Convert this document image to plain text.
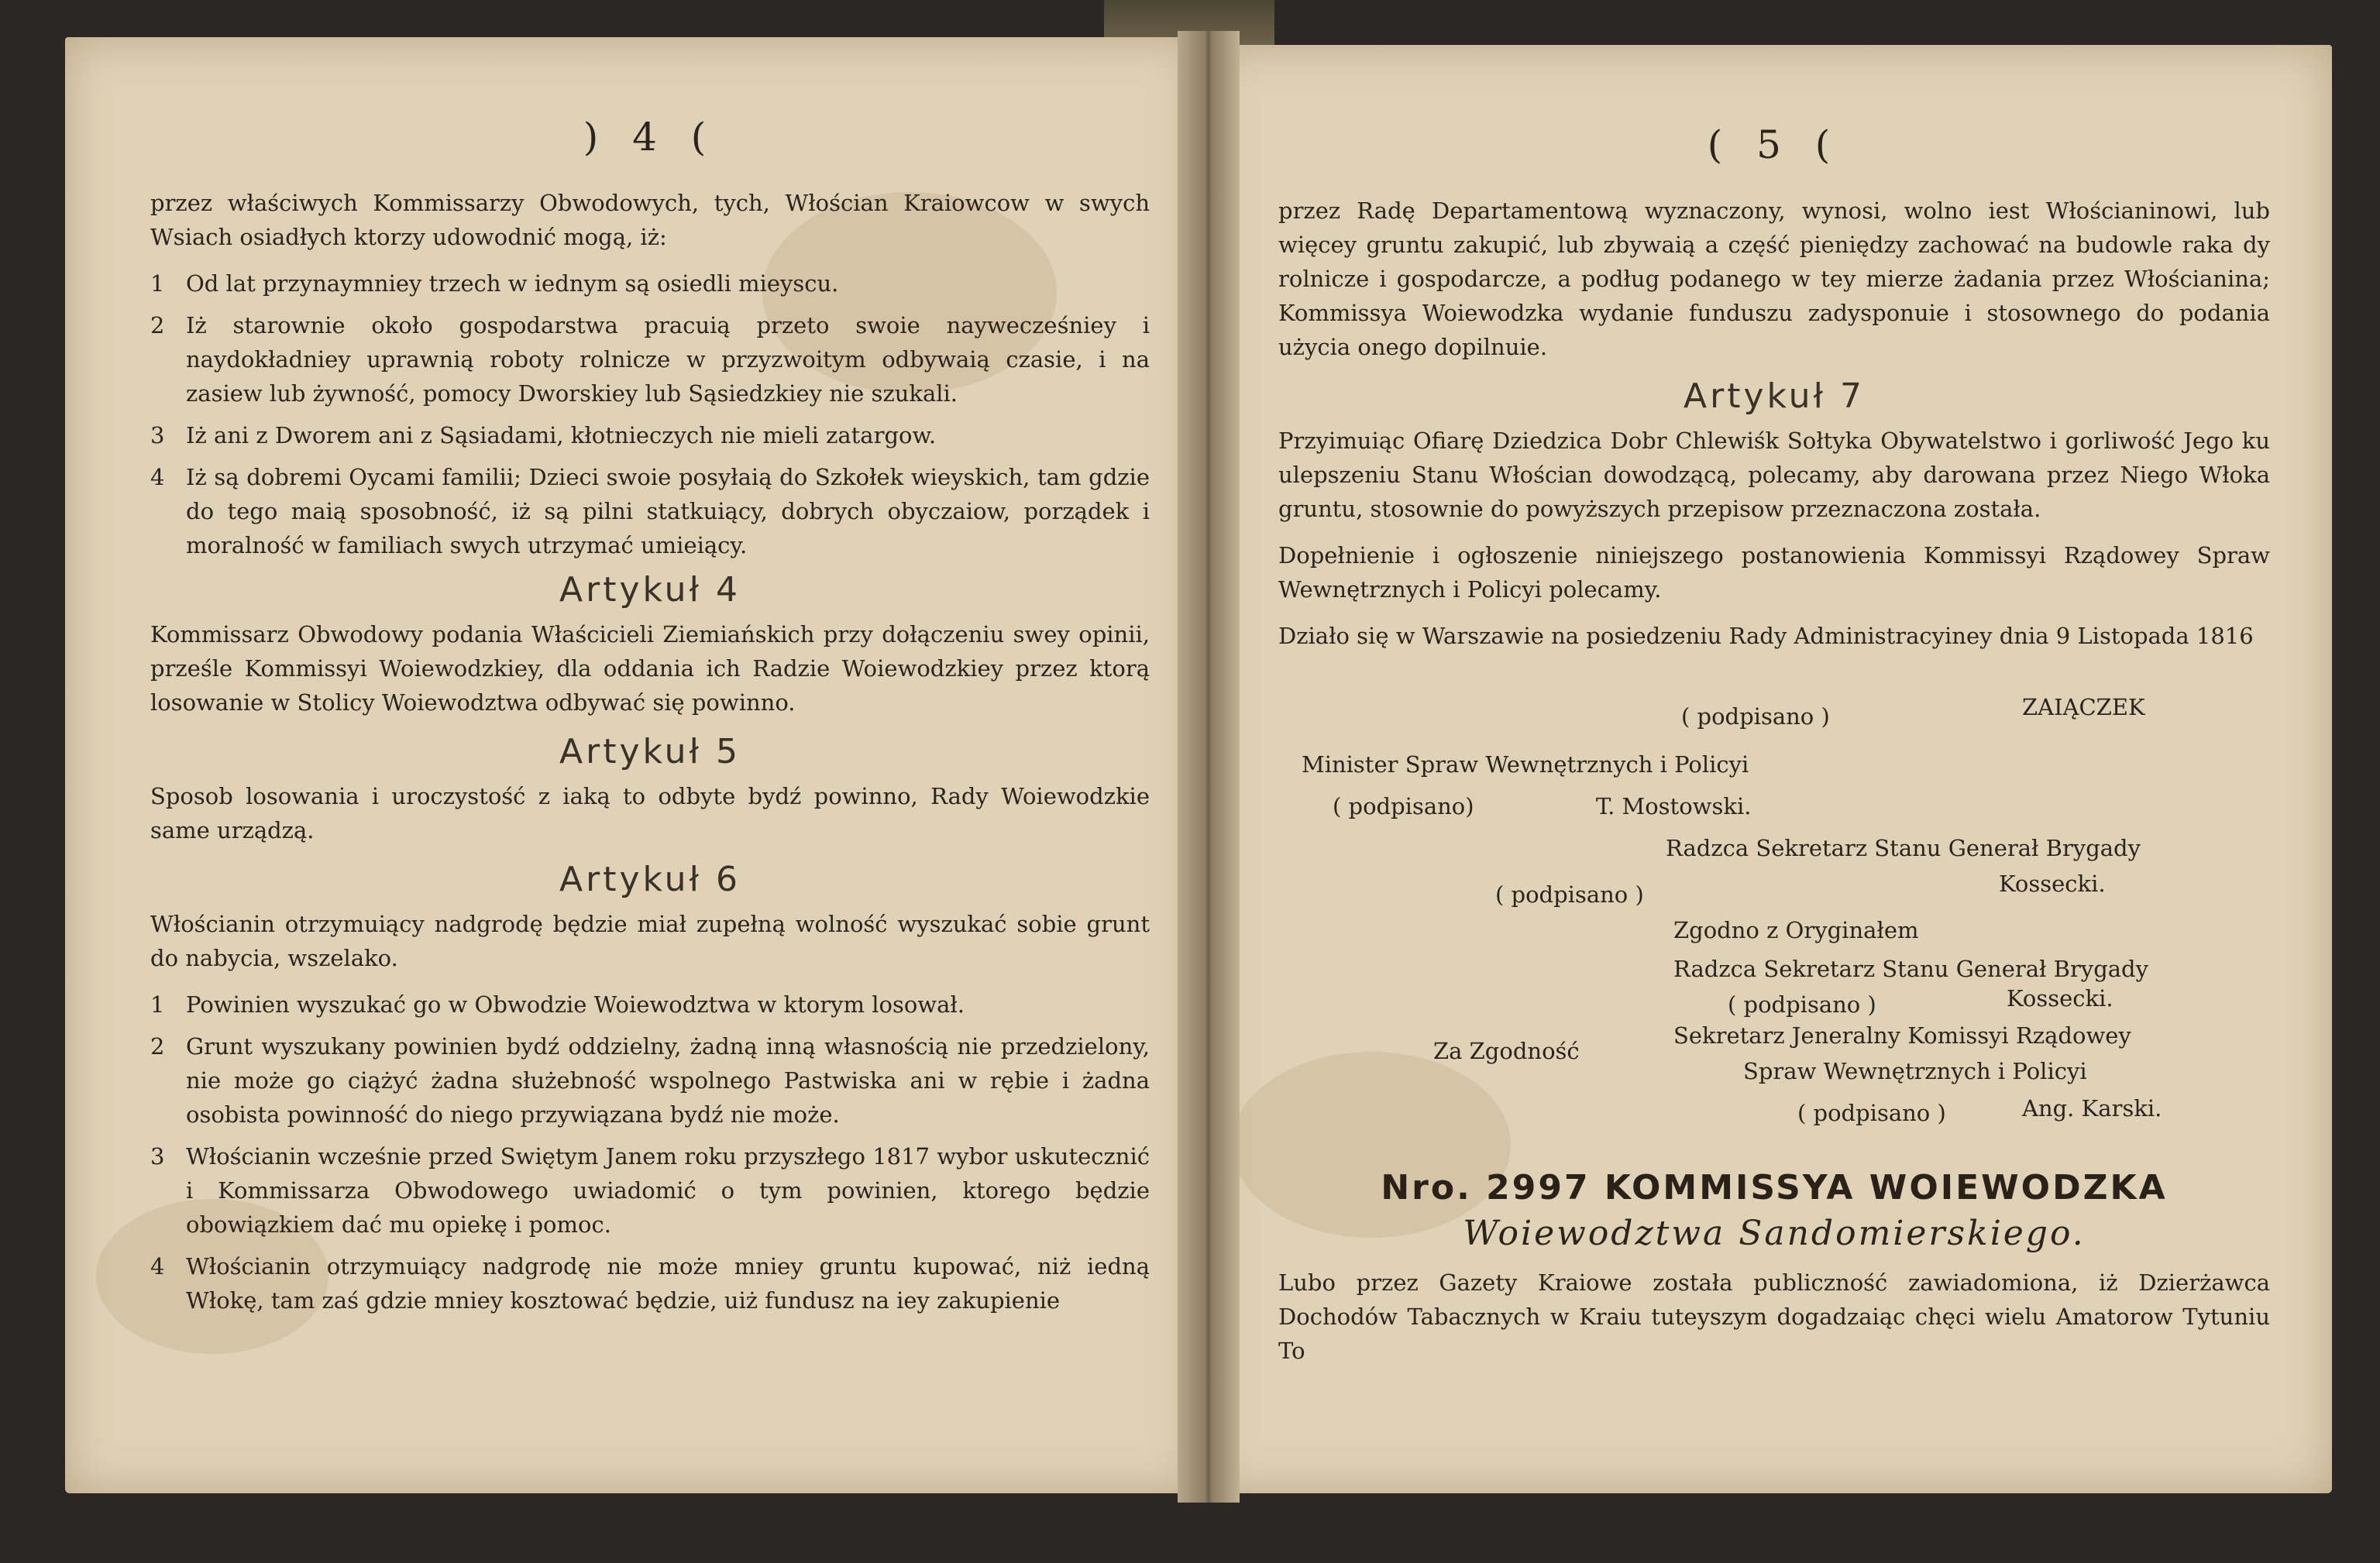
) 4 (

przez właściwych Kommissarzy Obwodowych, tych, Włościan Kraiowcow w swych Wsiach osiadłych ktorzy udowodnić mogą, iż:

1 Od lat przynaymniey trzech w iednym są osiedli mieyscu.
2 Iż starownie około gospodarstwa pracuią przeto swoie naywecześniey i naydokładniey uprawnią roboty rolnicze w przyzwoitym odbywaią czasie, i na zasiew lub żywność, pomocy Dworskiey lub Sąsiedzkiey nie szukali.
3 Iż ani z Dworem ani z Sąsiadami, kłotnieczych nie mieli zatargow.
4 Iż są dobremi Oycami familii; Dzieci swoie posyłaią do Szkołek wieyskich, tam gdzie do tego maią sposobność, iż są pilni statkuiący, dobrych obyczaiow, porządek i moralność w familiach swych utrzymać umieiący.
Artykuł 4

Kommissarz Obwodowy podania Właścicieli Ziemiańskich przy dołączeniu swey opinii, prześle Kommissyi Woiewodzkiey, dla oddania ich Radzie Woiewodzkiey przez ktorą losowanie w Stolicy Woiewodztwa odbywać się powinno.

Artykuł 5

Sposob losowania i uroczystość z iaką to odbyte bydź powinno, Rady Woiewodzkie same urządzą.

Artykuł 6

Włościanin otrzymuiący nadgrodę będzie miał zupełną wolność wyszukać sobie grunt do nabycia, wszelako.

1 Powinien wyszukać go w Obwodzie Woiewodztwa w ktorym losował.
2 Grunt wyszukany powinien bydź oddzielny, żadną inną własnością nie przedzielony, nie może go ciążyć żadna służebność wspolnego Pastwiska ani w rębie i żadna osobista powinność do niego przywiązana bydź nie może.
3 Włościanin wcześnie przed Swiętym Janem roku przyszłego 1817 wybor uskutecznić i Kommissarza Obwodowego uwiadomić o tym powinien, ktorego będzie obowiązkiem dać mu opiekę i pomoc.
4 Włościanin otrzymuiący nadgrodę nie może mniey gruntu kupować, niż iedną Włokę, tam zaś gdzie mniey kosztować będzie, uiż fundusz na iey zakupienie
( 5 (

przez Radę Departamentową wyznaczony, wynosi, wolno iest Włościaninowi, lub więcey gruntu zakupić, lub zbywaią a część pieniędzy zachować na budowle raka dy rolnicze i gospodarcze, a podług podanego w tey mierze żadania przez Włościanina; Kommissya Woiewodzka wydanie funduszu zadysponuie i stosownego do podania użycia onego dopilnuie.

Artykuł 7

Przyimuiąc Ofiarę Dziedzica Dobr Chlewiśk Sołtyka Obywatelstwo i gorliwość Jego ku ulepszeniu Stanu Włościan dowodzącą, polecamy, aby darowana przez Niego Włoka gruntu, stosownie do powyższych przepisow przeznaczona została.

Dopełnienie i ogłoszenie niniejszego postanowienia Kommissyi Rządowey Spraw Wewnętrznych i Policyi polecamy.

Działo się w Warszawie na posiedzeniu Rady Administracyiney dnia 9 Listopada 1816

( podpisano )	ZAIĄCZEK
Minister Spraw Wewnętrznych i Policyi
( podpisano)	T. Mostowski.
Radzca Sekretarz Stanu Generał Brygady
Kossecki.
( podpisano )
Zgodno z Oryginałem
Radzca Sekretarz Stanu Generał Brygady
( podpisano )	Kossecki.
Za Zgodność
Sekretarz Jeneralny Komissyi Rządowey
Spraw Wewnętrznych i Policyi
( podpisano )	Ang. Karski.
Nro. 2997 KOMMISSYA WOIEWODZKA
Woiewodztwa Sandomierskiego.

Lubo przez Gazety Kraiowe została publiczność zawiadomiona, iż Dzierżawca Dochodów Tabacznych w Kraiu tuteyszym dogadzaiąc chęci wielu Amatorow Tytuniu To
